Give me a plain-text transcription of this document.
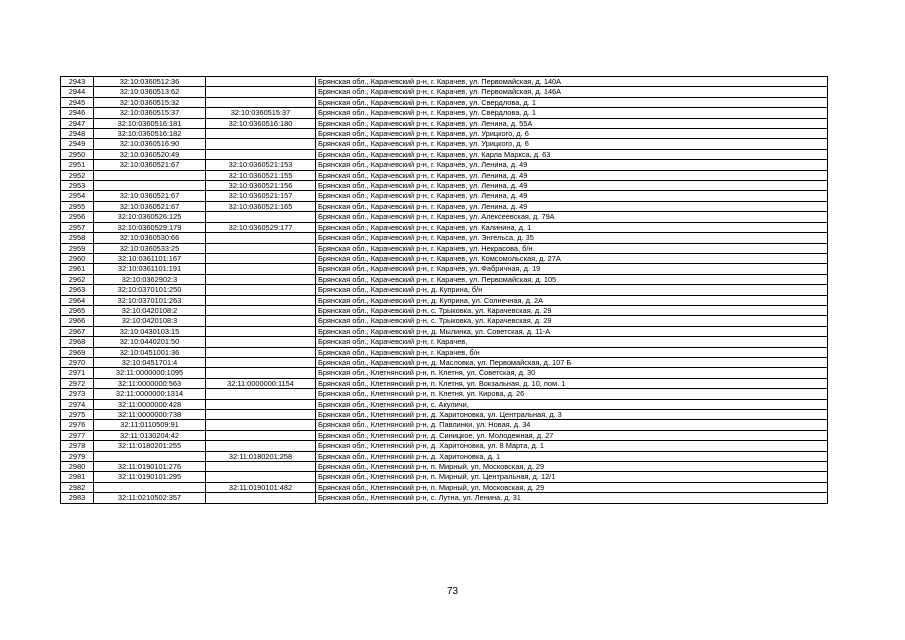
2943	32:10:0360512:36		Брянская обл., Карачевский р-н, г. Карачев, ул. Первомайская, д. 140А
2944	32:10:0360513:62		Брянская обл., Карачевский р-н, г. Карачев, ул. Первомайская, д. 146А
2945	32:10:0360515:32		Брянская обл., Карачевский р-н, г. Карачев, ул. Свердлова, д. 1
2946	32:10:0360515:37	32:10:0360515:37	Брянская обл., Карачевский р-н, г. Карачев, ул. Свердлова, д. 1
2947	32:10:0360516:181	32:10:0360516:180	Брянская обл., Карачевский р-н, г. Карачев, ул. Ленина, д. 55А
2948	32:10:0360516:182		Брянская обл., Карачевский р-н, г. Карачев, ул. Урицкого, д. 6
2949	32:10:0360516:90		Брянская обл., Карачевский р-н, г. Карачев, ул. Урицкого, д. 6
2950	32:10:0360520:49		Брянская обл., Карачевский р-н, г. Карачев, ул. Карла Маркса, д. 63
2951	32:10:0360521:67	32:10:0360521:153	Брянская обл., Карачевский р-н, г. Карачев, ул. Ленина, д. 49
2952		32:10:0360521:155	Брянская обл., Карачевский р-н, г. Карачев, ул. Ленина, д. 49
2953		32:10:0360521:156	Брянская обл., Карачевский р-н, г. Карачев, ул. Ленина, д. 49
2954	32:10:0360521:67	32:10:0360521:157	Брянская обл., Карачевский р-н, г. Карачев, ул. Ленина, д. 49
2955	32:10:0360521:67	32:10:0360521:165	Брянская обл., Карачевский р-н, г. Карачев, ул. Ленина, д. 49
2956	32:10:0360526:125		Брянская обл., Карачевский р-н, г. Карачев, ул. Алексеевская, д. 79А
2957	32:10:0360529:179	32:10:0360529:177	Брянская обл., Карачевский р-н, г. Карачев, ул. Калинина, д. 1
2958	32:10:0360530:66		Брянская обл., Карачевский р-н, г. Карачев, ул. Энгельса, д. 35
2959	32:10:0360533:25		Брянская обл., Карачевский р-н, г. Карачев, ул. Некрасова, б/н
2960	32:10:0361101:167		Брянская обл., Карачевский р-н, г. Карачев, ул. Комсомольская, д. 27А
2961	32:10:0361101:191		Брянская обл., Карачевский р-н, г. Карачев, ул. Фабричная, д. 19
2962	32:10:0362902:3		Брянская обл., Карачевский р-н, г. Карачев, ул. Первомайская, д. 105
2963	32:10:0370101:250		Брянская обл., Карачевский р-н, д. Куприна, б/н
2964	32:10:0370101:263		Брянская обл., Карачевский р-н, д. Куприна, ул. Солнечная, д. 2А
2965	32:10:0420108:2		Брянская обл., Карачевский р-н, с. Трыковка, ул. Карачевская, д. 29
2966	32:10:0420108:3		Брянская обл., Карачевский р-н, с. Трыковка, ул. Карачевская, д. 29
2967	32:10:0430103:15		Брянская обл., Карачевский р-н, д. Мылинка, ул. Советская, д. 11-А
2968	32:10:0440201:50		Брянская обл., Карачевский р-н, г. Карачев,
2969	32:10:0451001:36		Брянская обл., Карачевский р-н, г. Карачев, б/н
2970	32:10:0451701:4		Брянская обл., Карачевский р-н, д. Масловка, ул. Первомайская, д. 107 Б
2971	32:11:0000000:1095		Брянская обл., Клетнянский р-н, п. Клетня, ул. Советская, д. 30
2972	32:11:0000000:563	32:11:0000000:1154	Брянская обл., Клетнянский р-н, п. Клетня, ул. Вокзальная, д. 10, пом. 1
2973	32:11:0000000:1314		Брянская обл., Клетнянский р-н, п. Клетня, ул. Кирова, д. 26
2974	32:11:0000000:428		Брянская обл., Клетнянский р-н, с. Акуличи,
2975	32:11:0000000:738		Брянская обл., Клетнянский р-н, д. Харитоновка, ул. Центральная, д. 3
2976	32:11:0110509:91		Брянская обл., Клетнянский р-н, д. Павлинки, ул. Новая, д. 34
2977	32:11:0130204:42		Брянская обл., Клетнянский р-н, д. Синицкое, ул. Молодежная, д. 27
2978	32:11:0180201:255		Брянская обл., Клетнянский р-н, д. Харитоновка, ул. 8 Марта, д. 1
2979		32:11:0180201:258	Брянская обл., Клетнянский р-н, д. Харитоновка, д. 1
2980	32:11:0190101:276		Брянская обл., Клетнянский р-н, п. Мирный, ул. Московская, д. 29
2981	32:11:0190101:295		Брянская обл., Клетнянский р-н, п. Мирный, ул. Центральная, д. 12/1
2982		32:11:0190101:482	Брянская обл., Клетнянский р-н, п. Мирный, ул. Московская, д. 29
2983	32:11:0210502:357		Брянская обл., Клетнянский р-н, с. Лутна, ул. Ленина, д. 31
73
